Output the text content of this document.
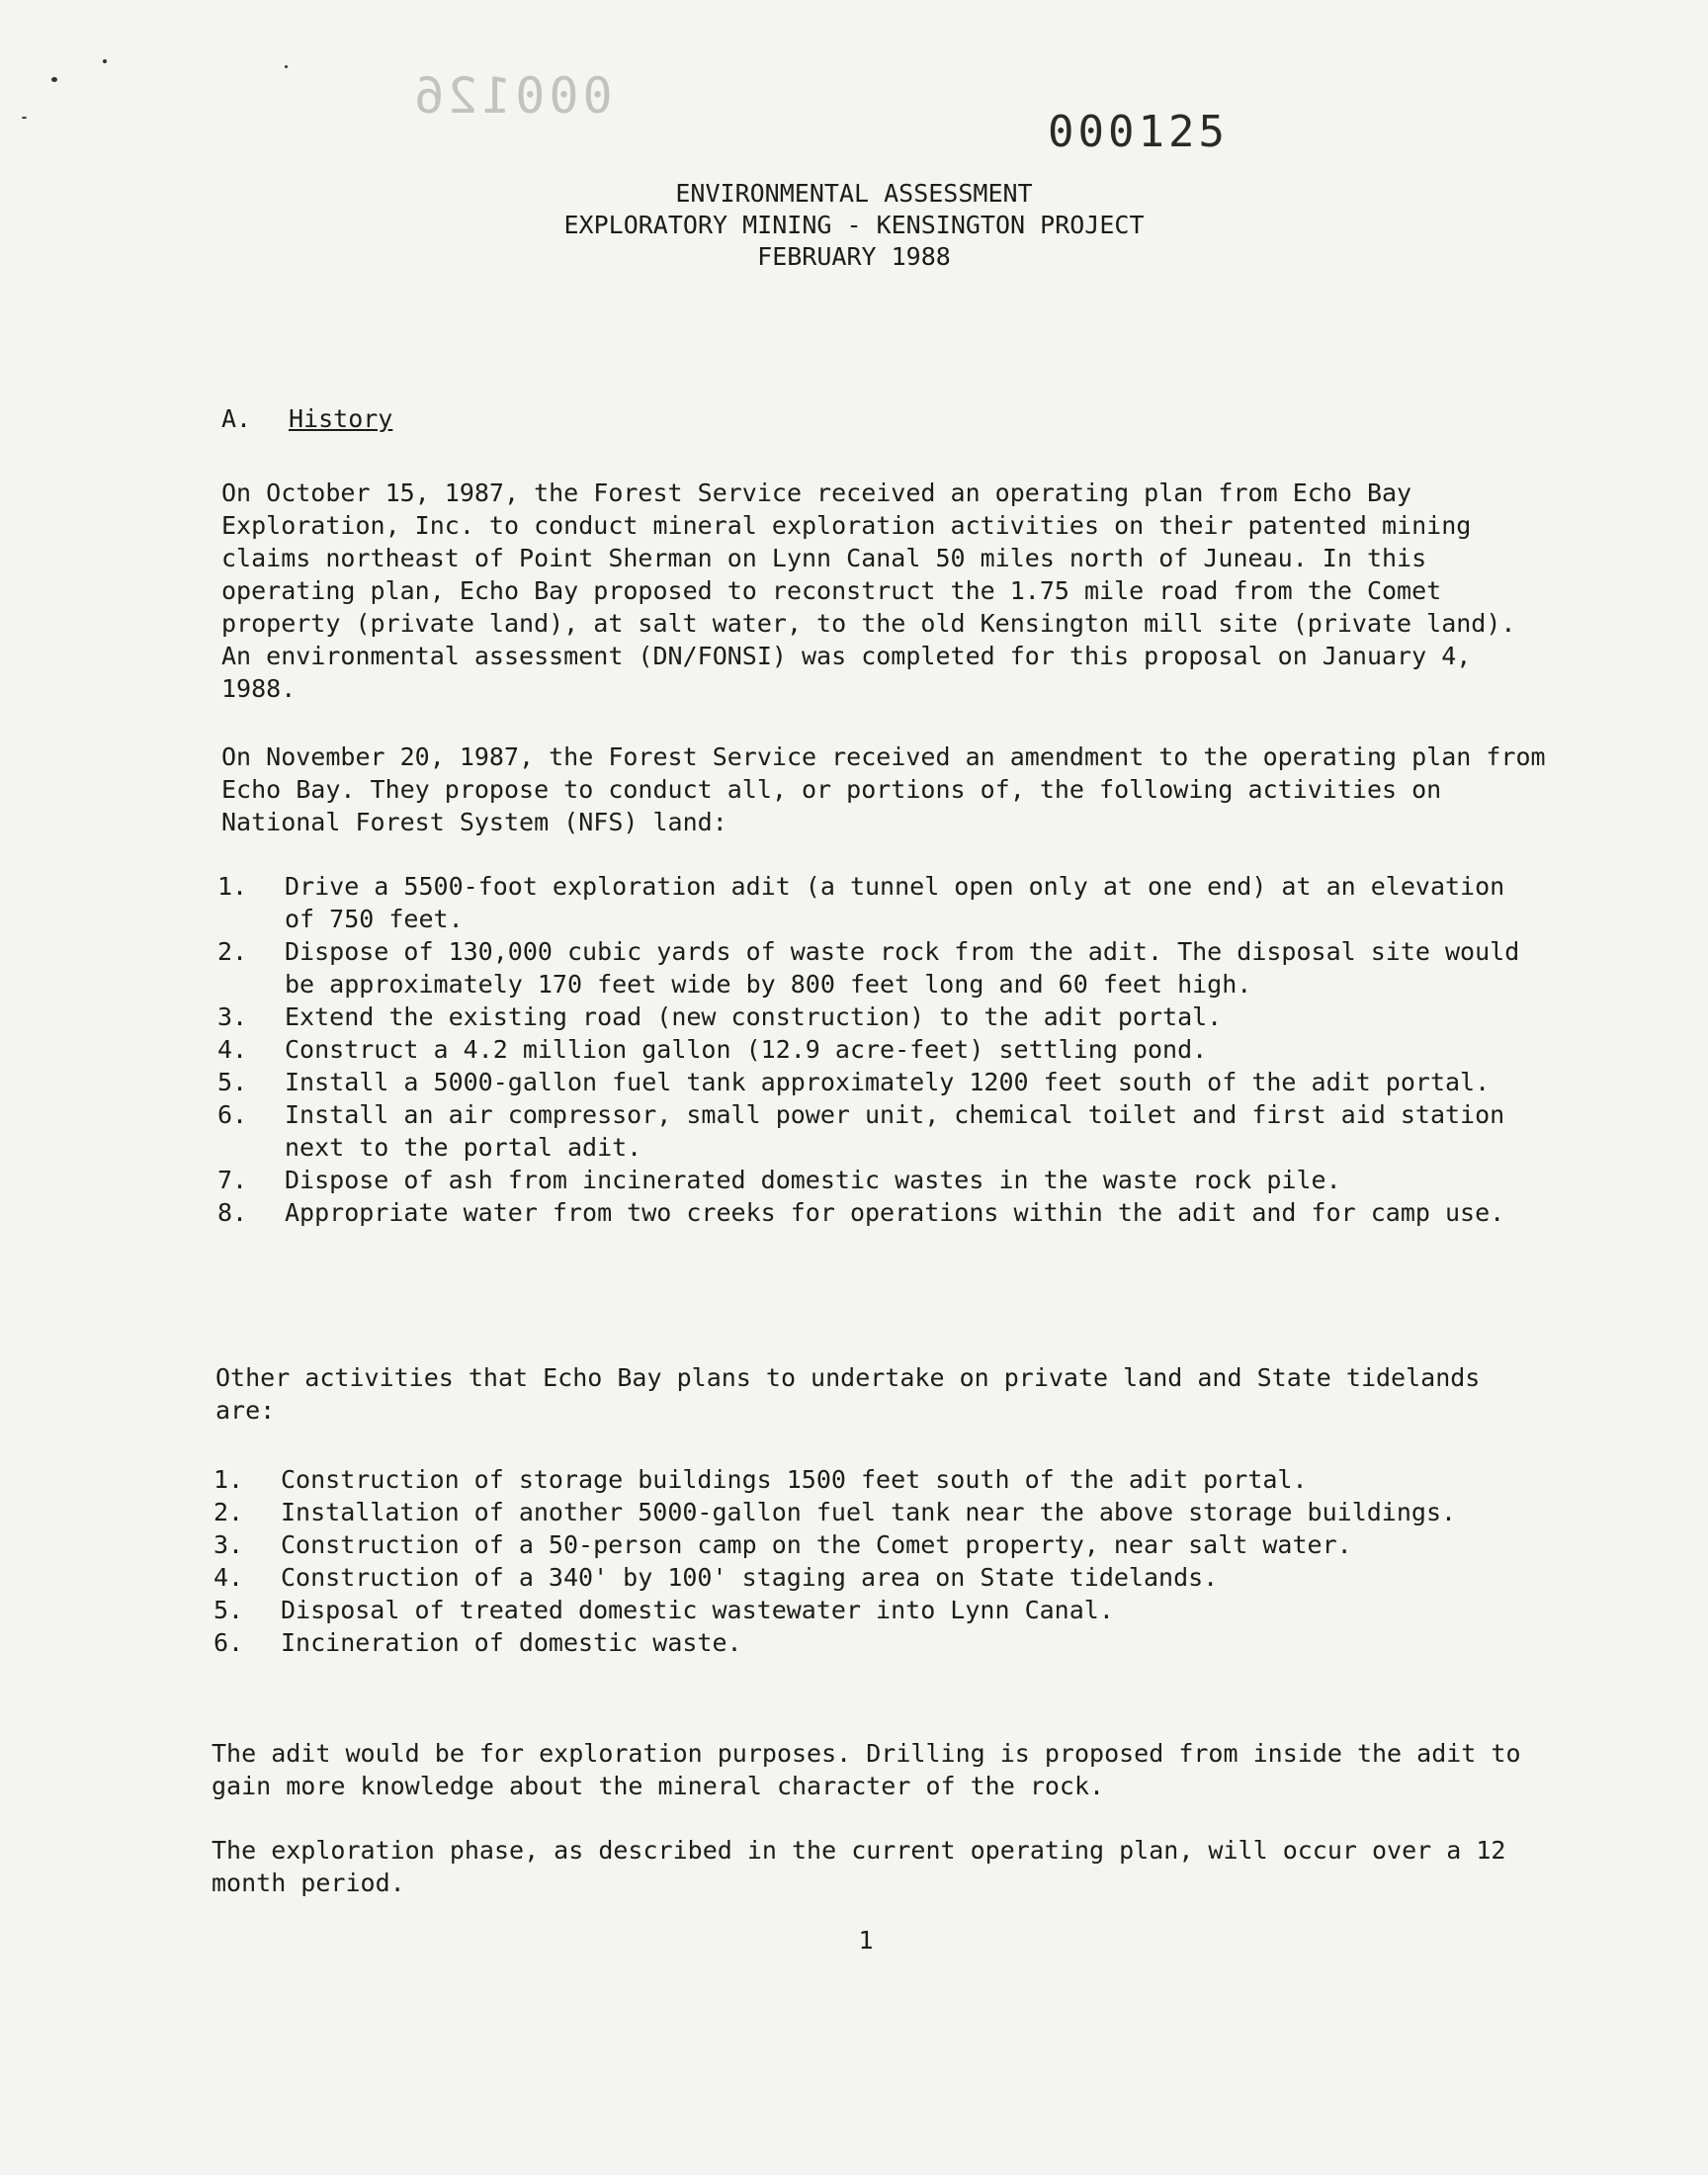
000126
000125
ENVIRONMENTAL ASSESSMENT
EXPLORATORY MINING - KENSINGTON PROJECT
FEBRUARY 1988
A. History
On October 15, 1987, the Forest Service received an operating plan from Echo Bay Exploration, Inc. to conduct mineral exploration activities on their patented mining claims northeast of Point Sherman on Lynn Canal 50 miles north of Juneau. In this operating plan, Echo Bay proposed to reconstruct the 1.75 mile road from the Comet property (private land), at salt water, to the old Kensington mill site (private land). An environmental assessment (DN/FONSI) was completed for this proposal on January 4, 1988.
On November 20, 1987, the Forest Service received an amendment to the operating plan from Echo Bay. They propose to conduct all, or portions of, the following activities on National Forest System (NFS) land:
1. Drive a 5500-foot exploration adit (a tunnel open only at one end) at an elevation of 750 feet.
2. Dispose of 130,000 cubic yards of waste rock from the adit. The disposal site would be approximately 170 feet wide by 800 feet long and 60 feet high.
3. Extend the existing road (new construction) to the adit portal.
4. Construct a 4.2 million gallon (12.9 acre-feet) settling pond.
5. Install a 5000-gallon fuel tank approximately 1200 feet south of the adit portal.
6. Install an air compressor, small power unit, chemical toilet and first aid station next to the portal adit.
7. Dispose of ash from incinerated domestic wastes in the waste rock pile.
8. Appropriate water from two creeks for operations within the adit and for camp use.
Other activities that Echo Bay plans to undertake on private land and State tidelands are:
1. Construction of storage buildings 1500 feet south of the adit portal.
2. Installation of another 5000-gallon fuel tank near the above storage buildings.
3. Construction of a 50-person camp on the Comet property, near salt water.
4. Construction of a 340' by 100' staging area on State tidelands.
5. Disposal of treated domestic wastewater into Lynn Canal.
6. Incineration of domestic waste.
The adit would be for exploration purposes. Drilling is proposed from inside the adit to gain more knowledge about the mineral character of the rock.
The exploration phase, as described in the current operating plan, will occur over a 12 month period.
1
